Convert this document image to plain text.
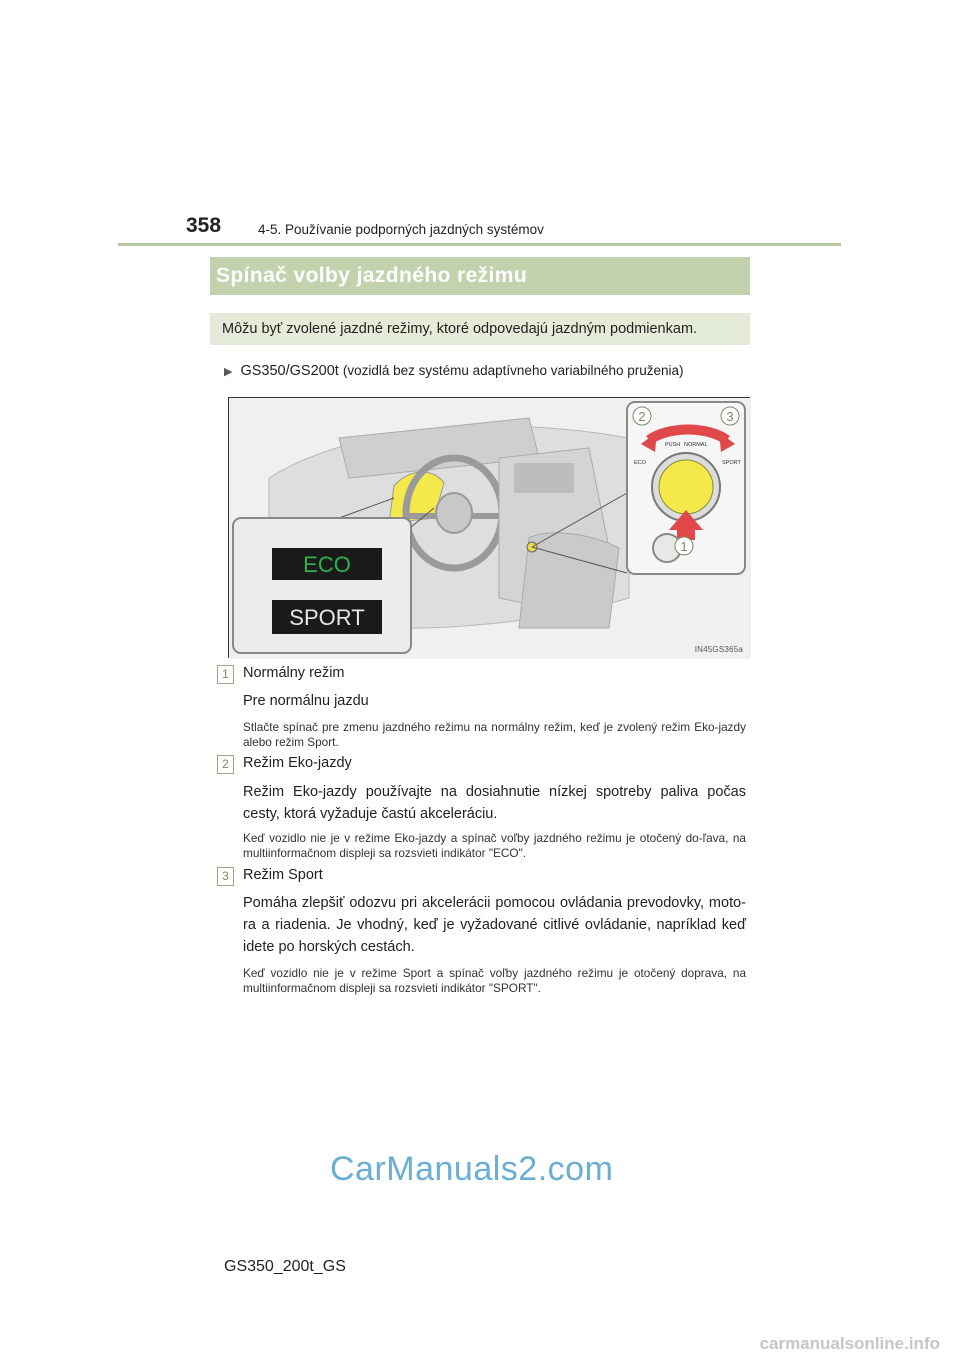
358	4-5. Používanie podporných jazdných systémov
Spínač volby jazdného režimu
Môžu byť zvolené jazdné režimy, ktoré odpovedajú jazdným podmienkam.
▶ GS350/GS200t (vozidlá bez systému adaptívneho variabilného pruženia)
ECO
SPORT
PUSH NORMAL
ECO	SPORT
2	3
1
IN45GS365a
1 Normálny režim
Pre normálnu jazdu
Stlačte spínač pre zmenu jazdného režimu na normálny režim, keď je zvolený režim Eko-jazdy alebo režim Sport.
2 Režim Eko-jazdy
Režim Eko-jazdy používajte na dosiahnutie nízkej spotreby paliva počas cesty, ktorá vyžaduje častú akceleráciu.
Keď vozidlo nie je v režime Eko-jazdy a spínač voľby jazdného režimu je otočený do-ľava, na multiinformačnom displeji sa rozsvieti indikátor "ECO".
3 Režim Sport
Pomáha zlepšiť odozvu pri akcelerácii pomocou ovládania prevodovky, moto-ra a riadenia. Je vhodný, keď je vyžadované citlivé ovládanie, napríklad keď idete po horských cestách.
Keď vozidlo nie je v režime Sport a spínač voľby jazdného režimu je otočený doprava, na multiinformačnom displeji sa rozsvieti indikátor "SPORT".
CarManuals2.com
GS350_200t_GS
carmanualsonline.info
